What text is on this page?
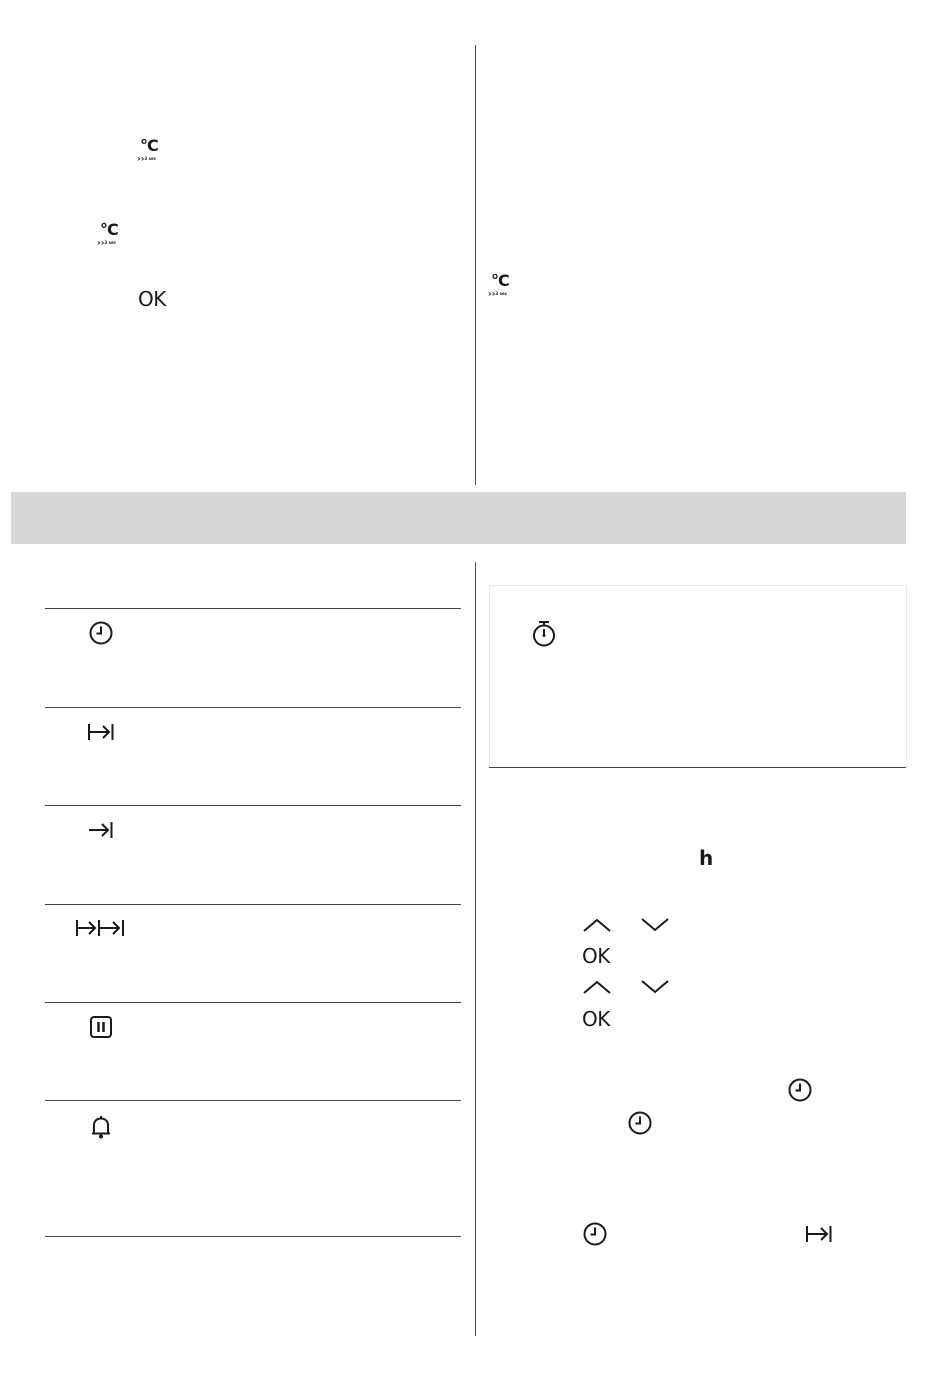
°C
››3 sec
°C
››3 sec
OK
°C
››3 sec
h
OK
OK
